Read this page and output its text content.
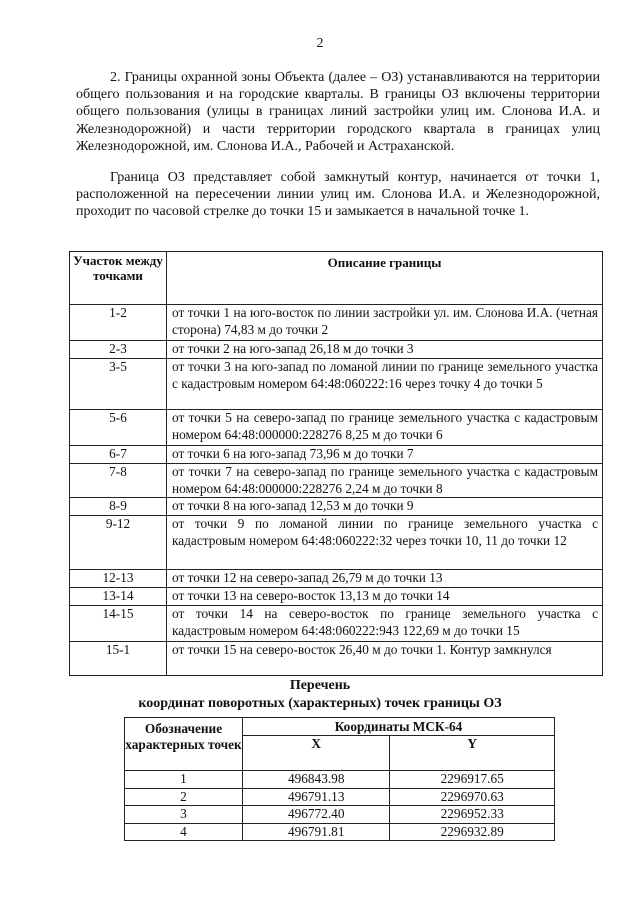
2

2. Границы охранной зоны Объекта (далее – ОЗ) устанавливаются на территории общего пользования и на городские кварталы. В границы ОЗ включены территории общего пользования (улицы в границах линий застройки улиц им. Слонова И.А. и Железнодорожной) и части территории городского квартала в границах улиц Железнодорожной, им. Слонова И.А., Рабочей и Астраханской.

Граница ОЗ представляет собой замкнутый контур, начинается от точки 1, расположенной на пересечении линии улиц им. Слонова И.А. и Железнодорожной, проходит по часовой стрелке до точки 15 и замыкается в начальной точке 1.

Участок между точками	Описание границы
1-2	от точки 1 на юго-восток по линии застройки ул. им. Слонова И.А. (четная сторона) 74,83 м до точки 2
2-3	от точки 2 на юго-запад 26,18 м до точки 3
3-5	от точки 3 на юго-запад по ломаной линии по границе земельного участка с кадастровым номером 64:48:060222:16 через точку 4 до точки 5
5-6	от точки 5 на северо-запад по границе земельного участка с кадастровым номером 64:48:000000:228276 8,25 м до точки 6
6-7	от точки 6 на юго-запад 73,96 м до точки 7
7-8	от точки 7 на северо-запад по границе земельного участка с кадастровым номером 64:48:000000:228276 2,24 м до точки 8
8-9	от точки 8 на юго-запад 12,53 м до точки 9
9-12	от точки 9 по ломаной линии по границе земельного участка с кадастровым номером 64:48:060222:32 через точки 10, 11 до точки 12
12-13	от точки 12 на северо-запад 26,79 м до точки 13
13-14	от точки 13 на северо-восток 13,13 м до точки 14
14-15	от точки 14 на северо-восток по границе земельного участка с кадастровым номером 64:48:060222:943 122,69 м до точки 15
15-1	от точки 15 на северо-восток 26,40 м до точки 1. Контур замкнулся
Перечень
координат поворотных (характерных) точек границы ОЗ
Обозначение характерных точек	Координаты МСК-64	
	X	Y
1	496843.98	2296917.65
2	496791.13	2296970.63
3	496772.40	2296952.33
4	496791.81	2296932.89
